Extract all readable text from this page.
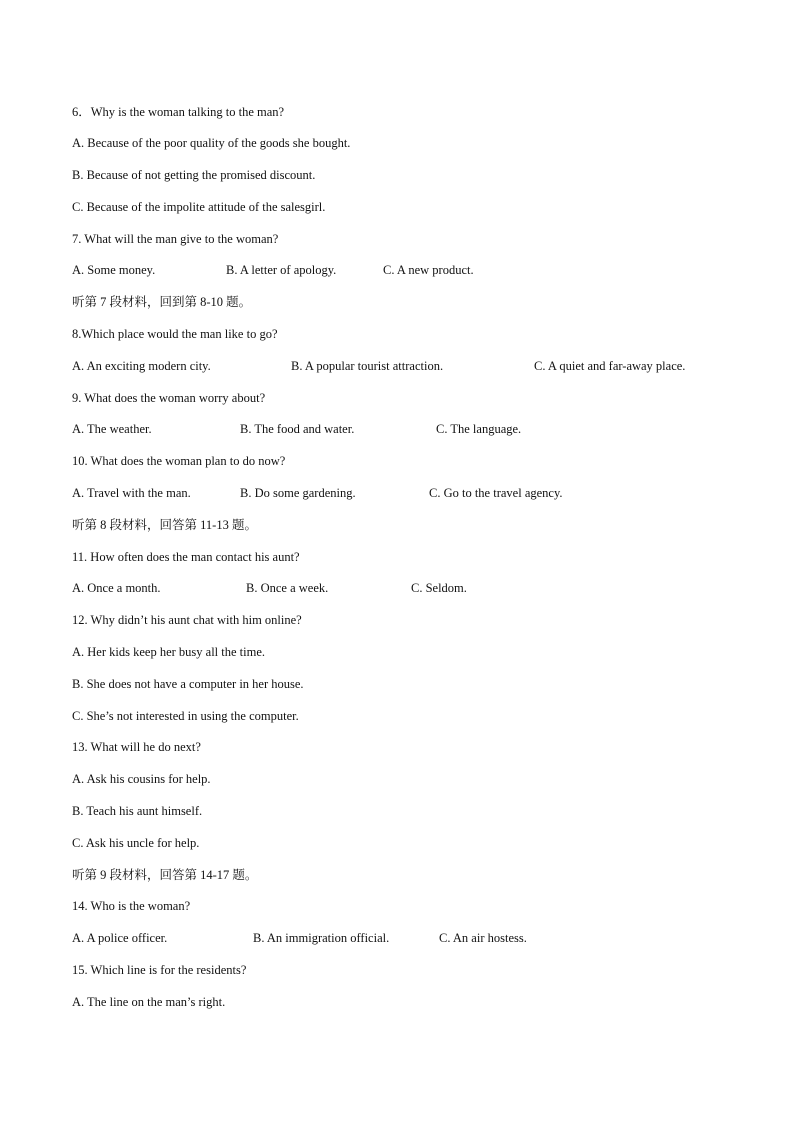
6．Why is the woman talking to the man?
A. Because of the poor quality of the goods she bought.
B. Because of not getting the promised discount.
C. Because of the impolite attitude of the salesgirl.
7. What will the man give to the woman?
A. Some money.	B. A letter of apology.	C. A new product.
听第 7 段材料，回到第 8-10 题。
8.Which place would the man like to go?
A. An exciting modern city.	B. A popular tourist attraction.	C. A quiet and far-away place.
9. What does the woman worry about?
A. The weather.	B. The food and water.	C. The language.
10. What does the woman plan to do now?
A. Travel with the man.	B. Do some gardening.	C. Go to the travel agency.
听第 8 段材料，回答第 11-13 题。
11. How often does the man contact his aunt?
A. Once a month.	B. Once a week.	C. Seldom.
12. Why didn’t his aunt chat with him online?
A. Her kids keep her busy all the time.
B. She does not have a computer in her house.
C. She’s not interested in using the computer.
13. What will he do next?
A. Ask his cousins for help.
B. Teach his aunt himself.
C. Ask his uncle for help.
听第 9 段材料，回答第 14-17 题。
14. Who is the woman?
A. A police officer.	B. An immigration official.	C. An air hostess.
15. Which line is for the residents?
A. The line on the man’s right.
